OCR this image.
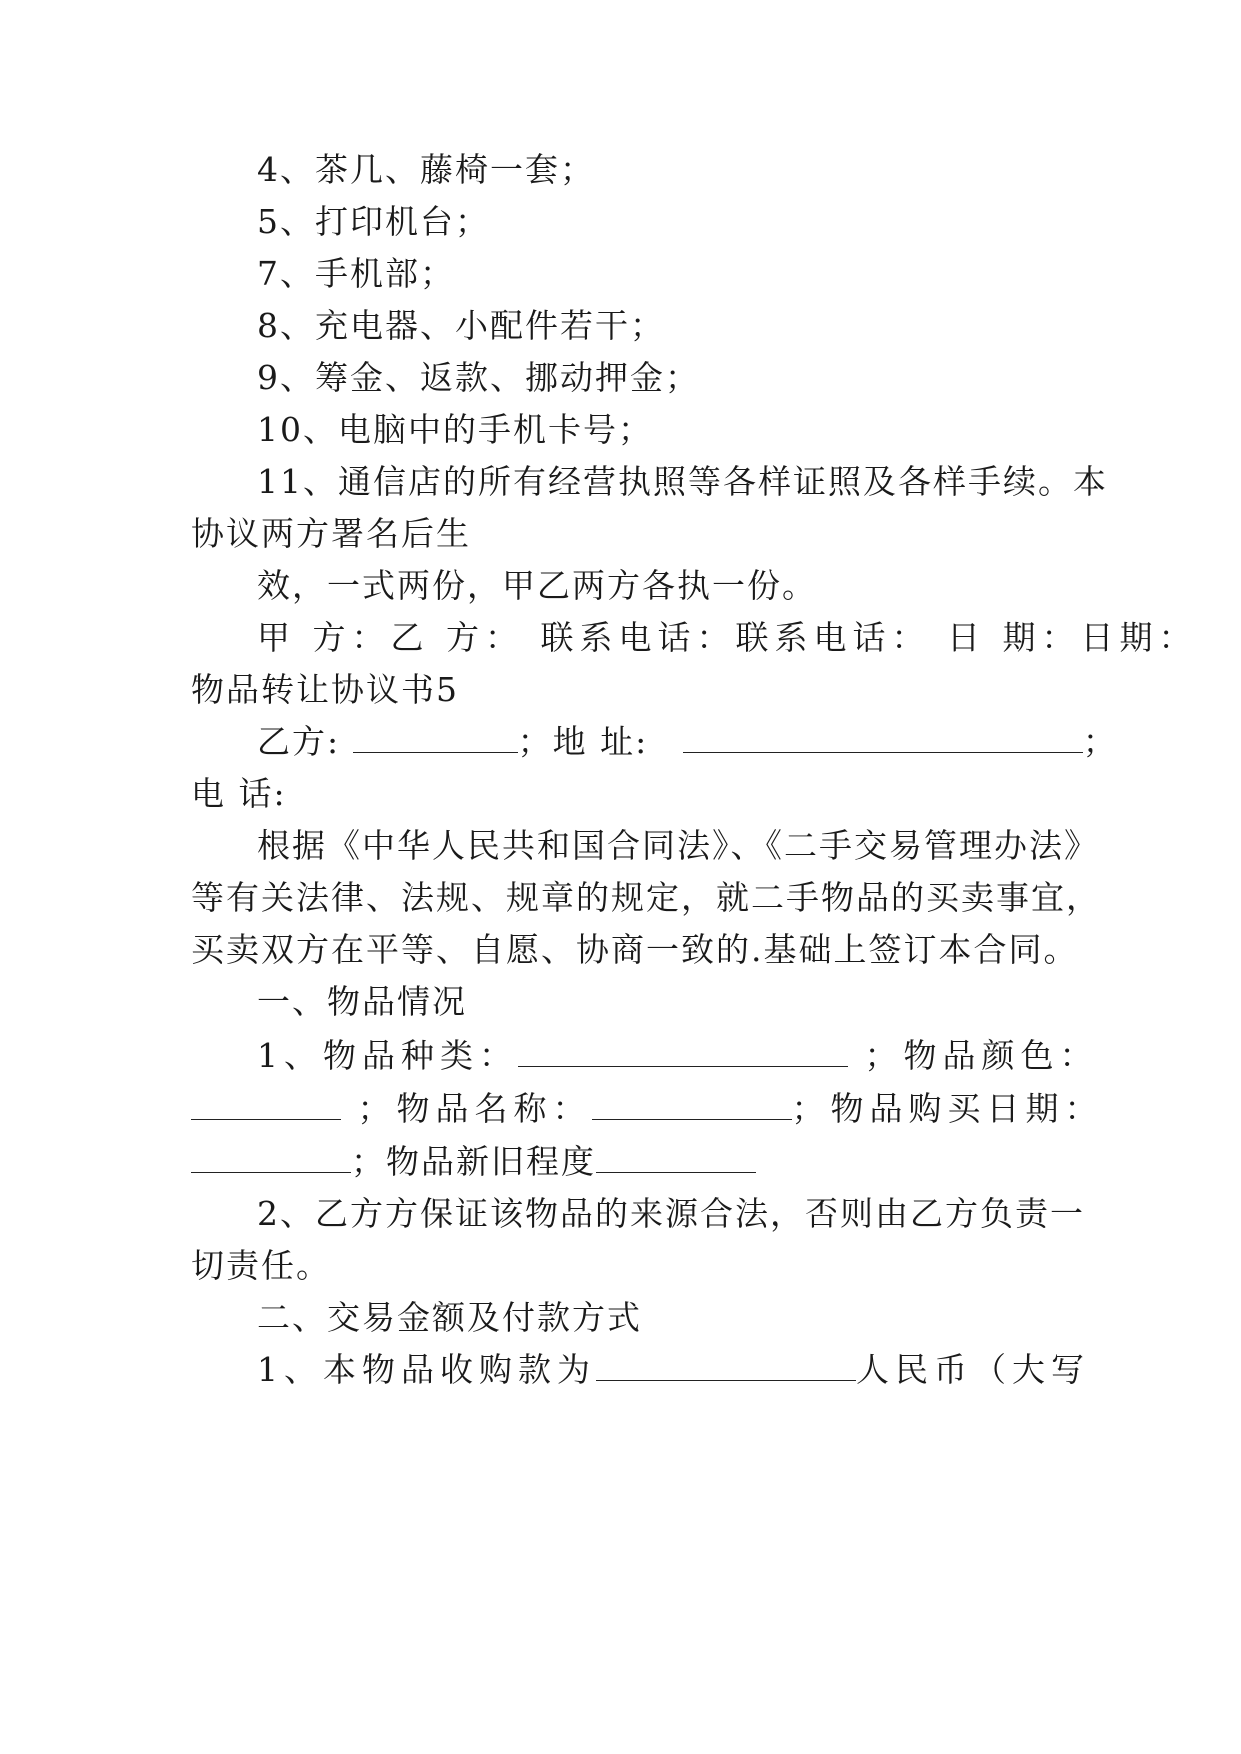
4、茶几、藤椅一套；
5、打印机台；
7、手机部；
8、充电器、小配件若干；
9、筹金、返款、挪动押金；
10、电脑中的手机卡号；
11、通信店的所有经营执照等各样证照及各样手续。本
协议两方署名后生
效，一式两份，甲乙两方各执一份。
甲 方：乙 方： 联系电话：联系电话： 日 期：日期：
物品转让协议书5
乙方:	；地 址:	；
电 话:
根据《中华人民共和国合同法》、《二手交易管理办法》
等有关法律、法规、规章的规定，就二手物品的买卖事宜，
买卖双方在平等、自愿、协商一致的.基础上签订本合同。
一、物品情况
1、物品种类：	；物品颜色：
；物品名称：	；物品购买日期：
；物品新旧程度
2、乙方方保证该物品的来源合法，否则由乙方负责一
切责任。
二、交易金额及付款方式
1、本物品收购款为	人民币（大写
